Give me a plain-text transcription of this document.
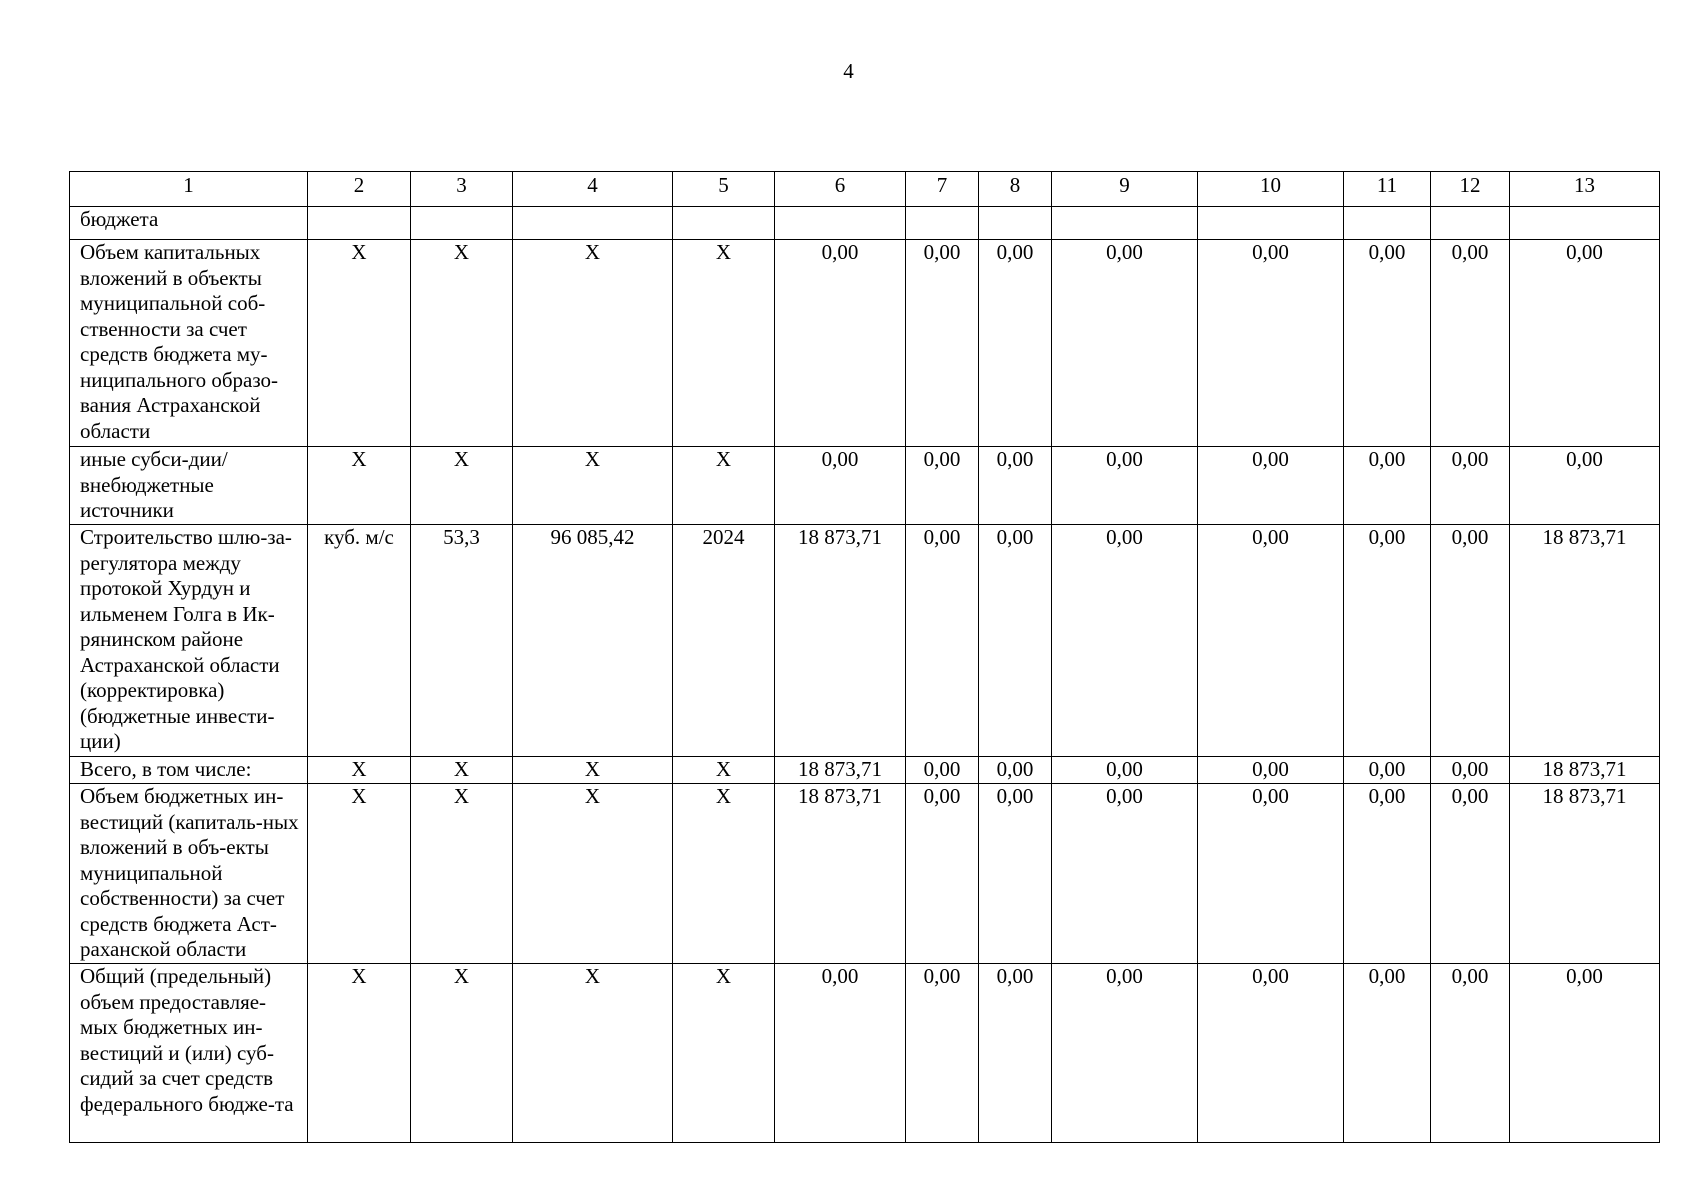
4
1	2	3	4	5	6	7	8	9	10	11	12	13
бюджета												
Объем капитальных вложений в объекты муниципальной соб-ственности за счет средств бюджета му-ниципального образо-вания Астраханской области	Х	Х	Х	Х	0,00	0,00	0,00	0,00	0,00	0,00	0,00	0,00
иные субси-дии/внебюджетные источники	Х	Х	Х	Х	0,00	0,00	0,00	0,00	0,00	0,00	0,00	0,00
Строительство шлю-за-регулятора между протокой Хурдун и ильменем Голга в Ик-рянинском районе Астраханской области (корректировка) (бюджетные инвести-ции)	куб. м/с	53,3	96 085,42	2024	18 873,71	0,00	0,00	0,00	0,00	0,00	0,00	18 873,71
Всего, в том числе:	Х	Х	Х	Х	18 873,71	0,00	0,00	0,00	0,00	0,00	0,00	18 873,71
Объем бюджетных ин-вестиций (капиталь-ных вложений в объ-екты муниципальной собственности) за счет средств бюджета Аст-раханской области	Х	Х	Х	Х	18 873,71	0,00	0,00	0,00	0,00	0,00	0,00	18 873,71
Общий (предельный) объем предоставляе-мых бюджетных ин-вестиций и (или) суб-сидий за счет средств федерального бюдже-та	Х	Х	Х	Х	0,00	0,00	0,00	0,00	0,00	0,00	0,00	0,00
